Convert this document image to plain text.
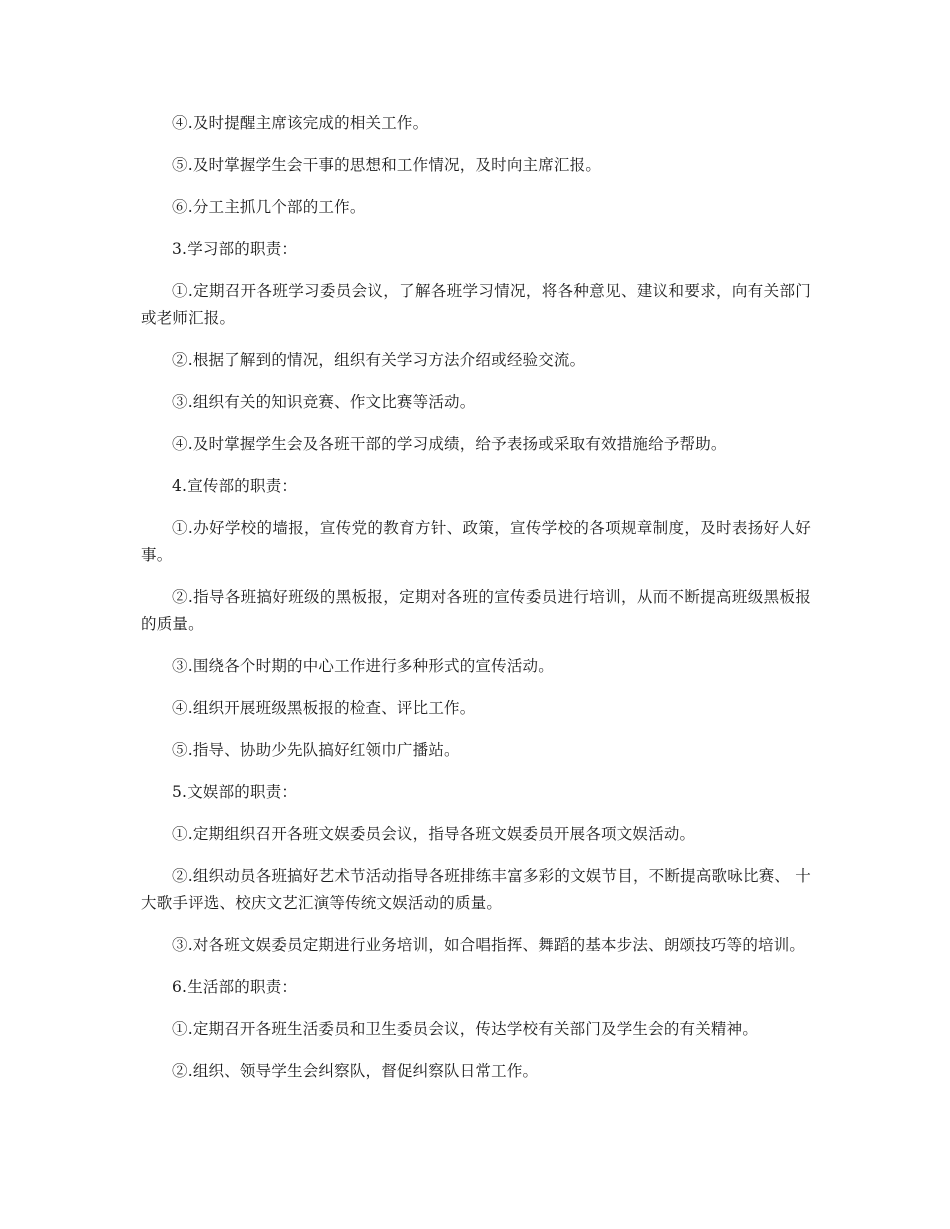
④.及时提醒主席该完成的相关工作。

⑤.及时掌握学生会干事的思想和工作情况，及时向主席汇报。

⑥.分工主抓几个部的工作。

3.学习部的职责：

①.定期召开各班学习委员会议，了解各班学习情况，将各种意见、建议和要求，向有关部门或老师汇报。

②.根据了解到的情况，组织有关学习方法介绍或经验交流。

③.组织有关的知识竞赛、作文比赛等活动。

④.及时掌握学生会及各班干部的学习成绩，给予表扬或采取有效措施给予帮助。

4.宣传部的职责：

①.办好学校的墙报，宣传党的教育方针、政策，宣传学校的各项规章制度，及时表扬好人好事。

②.指导各班搞好班级的黑板报，定期对各班的宣传委员进行培训，从而不断提高班级黑板报的质量。

③.围绕各个时期的中心工作进行多种形式的宣传活动。

④.组织开展班级黑板报的检查、评比工作。

⑤.指导、协助少先队搞好红领巾广播站。

5.文娱部的职责：

①.定期组织召开各班文娱委员会议，指导各班文娱委员开展各项文娱活动。

②.组织动员各班搞好艺术节活动指导各班排练丰富多彩的文娱节目，不断提高歌咏比赛、 十大歌手评选、校庆文艺汇演等传统文娱活动的质量。

③.对各班文娱委员定期进行业务培训，如合唱指挥、舞蹈的基本步法、朗颂技巧等的培训。

6.生活部的职责：

①.定期召开各班生活委员和卫生委员会议，传达学校有关部门及学生会的有关精神。

②.组织、领导学生会纠察队，督促纠察队日常工作。
